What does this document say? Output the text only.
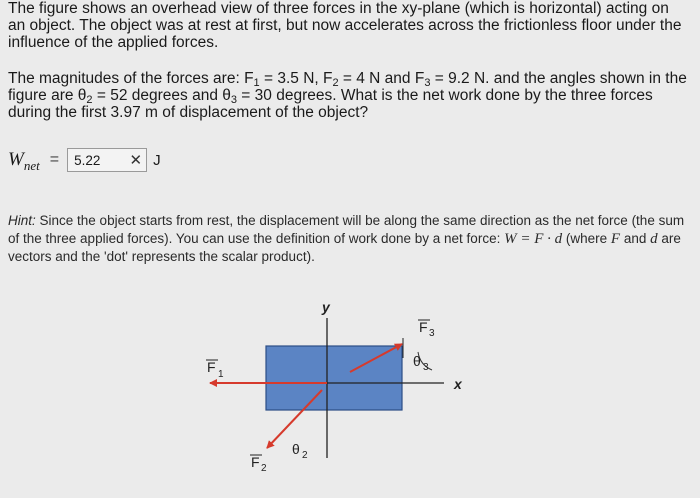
The figure shows an overhead view of three forces in the xy-plane (which is horizontal) acting on an object. The object was at rest at first, but now accelerates across the frictionless floor under the influence of the applied forces.
The magnitudes of the forces are: $F_1 = 3.5$ N, $F_2 = 4$ N and $F_3 = 9.2$ N. and the angles shown in the figure are $\theta_2 = 52$ degrees and $\theta_3 = 30$ degrees. What is the net work done by the three forces during the first 3.97 m of displacement of the object?
$W_{net} = 5.22$ ✕ J
Hint: Since the object starts from rest, the displacement will be along the same direction as the net force (the sum of the three applied forces). You can use the definition of work done by a net force: W = F · d (where F and d are vectors and the 'dot' represents the scalar product).
x
y
F 1
F 2
F 3
θ 2
θ 3
